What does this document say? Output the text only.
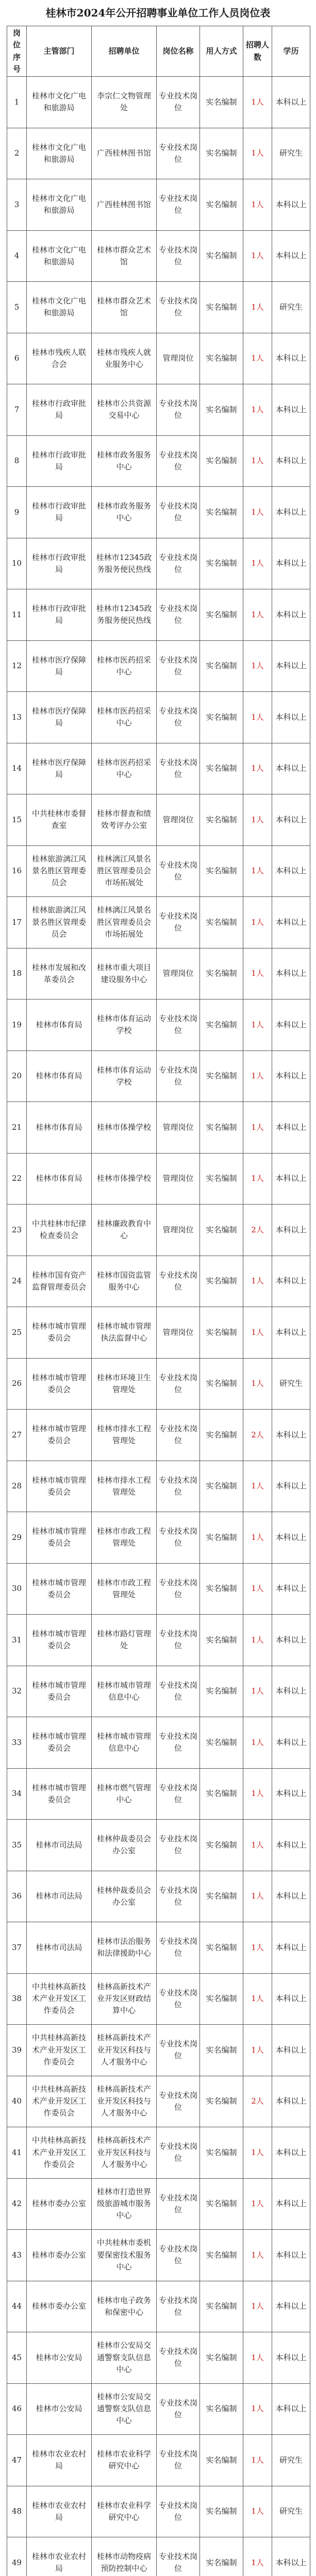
桂林市2024年公开招聘事业单位工作人员岗位表
岗位序号	主管部门	招聘单位	岗位名称	用人方式	招聘人数	学历
1	桂林市文化广电和旅游局	李宗仁文物管理处	专业技术岗位	实名编制	1人	本科以上
2	桂林市文化广电和旅游局	广西桂林图书馆	专业技术岗位	实名编制	1人	研究生
3	桂林市文化广电和旅游局	广西桂林图书馆	专业技术岗位	实名编制	1人	本科以上
4	桂林市文化广电和旅游局	桂林市群众艺术馆	专业技术岗位	实名编制	1人	本科以上
5	桂林市文化广电和旅游局	桂林市群众艺术馆	专业技术岗位	实名编制	1人	研究生
6	桂林市残疾人联合会	桂林市残疾人就业服务中心	管理岗位	实名编制	1人	本科以上
7	桂林市行政审批局	桂林市公共资源交易中心	专业技术岗位	实名编制	1人	本科以上
8	桂林市行政审批局	桂林市政务服务中心	专业技术岗位	实名编制	1人	本科以上
9	桂林市行政审批局	桂林市政务服务中心	专业技术岗位	实名编制	1人	本科以上
10	桂林市行政审批局	桂林市12345政务服务便民热线	专业技术岗位	实名编制	1人	本科以上
11	桂林市行政审批局	桂林市12345政务服务便民热线	专业技术岗位	实名编制	1人	本科以上
12	桂林市医疗保障局	桂林市医药招采中心	专业技术岗位	实名编制	1人	本科以上
13	桂林市医疗保障局	桂林市医药招采中心	专业技术岗位	实名编制	1人	本科以上
14	桂林市医疗保障局	桂林市医药招采中心	专业技术岗位	实名编制	1人	本科以上
15	中共桂林市委督查室	桂林市督查和绩效考评办公室	管理岗位	实名编制	1人	本科以上
16	桂林旅游漓江风景名胜区管理委员会	桂林漓江风景名胜区管理委员会市场拓展处	专业技术岗位	实名编制	1人	本科以上
17	桂林旅游漓江风景名胜区管理委员会	桂林漓江风景名胜区管理委员会市场拓展处	专业技术岗位	实名编制	1人	本科以上
18	桂林市发展和改革委员会	桂林市重大项目建设服务中心	管理岗位	实名编制	1人	本科以上
19	桂林市体育局	桂林市体育运动学校	专业技术岗位	实名编制	1人	本科以上
20	桂林市体育局	桂林市体育运动学校	专业技术岗位	实名编制	1人	本科以上
21	桂林市体育局	桂林市体操学校	管理岗位	实名编制	1人	本科以上
22	桂林市体育局	桂林市体操学校	管理岗位	实名编制	1人	本科以上
23	中共桂林市纪律检查委员会	桂林廉政教育中心	管理岗位	实名编制	2人	本科以上
24	桂林市国有资产监督管理委员会	桂林市国资监管服务中心	专业技术岗位	实名编制	1人	本科以上
25	桂林市城市管理委员会	桂林市城市管理执法监督中心	管理岗位	实名编制	1人	本科以上
26	桂林市城市管理委员会	桂林市环境卫生管理处	专业技术岗位	实名编制	1人	研究生
27	桂林市城市管理委员会	桂林市排水工程管理处	专业技术岗位	实名编制	2人	本科以上
28	桂林市城市管理委员会	桂林市排水工程管理处	专业技术岗位	实名编制	1人	本科以上
29	桂林市城市管理委员会	桂林市市政工程管理处	专业技术岗位	实名编制	1人	本科以上
30	桂林市城市管理委员会	桂林市市政工程管理处	专业技术岗位	实名编制	1人	本科以上
31	桂林市城市管理委员会	桂林市路灯管理处	专业技术岗位	实名编制	1人	本科以上
32	桂林市城市管理委员会	桂林市城市管理信息中心	专业技术岗位	实名编制	1人	本科以上
33	桂林市城市管理委员会	桂林市城市管理信息中心	专业技术岗位	实名编制	1人	本科以上
34	桂林市城市管理委员会	桂林市燃气管理中心	专业技术岗位	实名编制	1人	本科以上
35	桂林市司法局	桂林仲裁委员会办公室	专业技术岗位	实名编制	1人	本科以上
36	桂林市司法局	桂林仲裁委员会办公室	专业技术岗位	实名编制	1人	本科以上
37	桂林市司法局	桂林市法治服务和法律援助中心	专业技术岗位	实名编制	1人	本科以上
38	中共桂林高新技术产业开发区工作委员会	桂林高新技术产业开发区财政结算中心	专业技术岗位	实名编制	1人	本科以上
39	中共桂林高新技术产业开发区工作委员会	桂林高新技术产业开发区科技与人才服务中心	专业技术岗位	实名编制	1人	本科以上
40	中共桂林高新技术产业开发区工作委员会	桂林高新技术产业开发区科技与人才服务中心	专业技术岗位	实名编制	2人	本科以上
41	中共桂林高新技术产业开发区工作委员会	桂林高新技术产业开发区科技与人才服务中心	专业技术岗位	实名编制	1人	本科以上
42	桂林市委办公室	桂林市打造世界级旅游城市服务中心	专业技术岗位	实名编制	1人	本科以上
43	桂林市委办公室	中共桂林市委机要保密技术服务中心	专业技术岗位	实名编制	1人	本科以上
44	桂林市委办公室	桂林市电子政务和保密中心	专业技术岗位	实名编制	1人	本科以上
45	桂林市公安局	桂林市公安局交通警察支队信息中心	专业技术岗位	实名编制	1人	本科以上
46	桂林市公安局	桂林市公安局交通警察支队信息中心	专业技术岗位	实名编制	1人	本科以上
47	桂林市农业农村局	桂林市农业科学研究中心	专业技术岗位	实名编制	1人	研究生
48	桂林市农业农村局	桂林市农业科学研究中心	专业技术岗位	实名编制	1人	研究生
49	桂林市农业农村局	桂林市动物疫病预防控制中心	专业技术岗位	实名编制	1人	本科以上
